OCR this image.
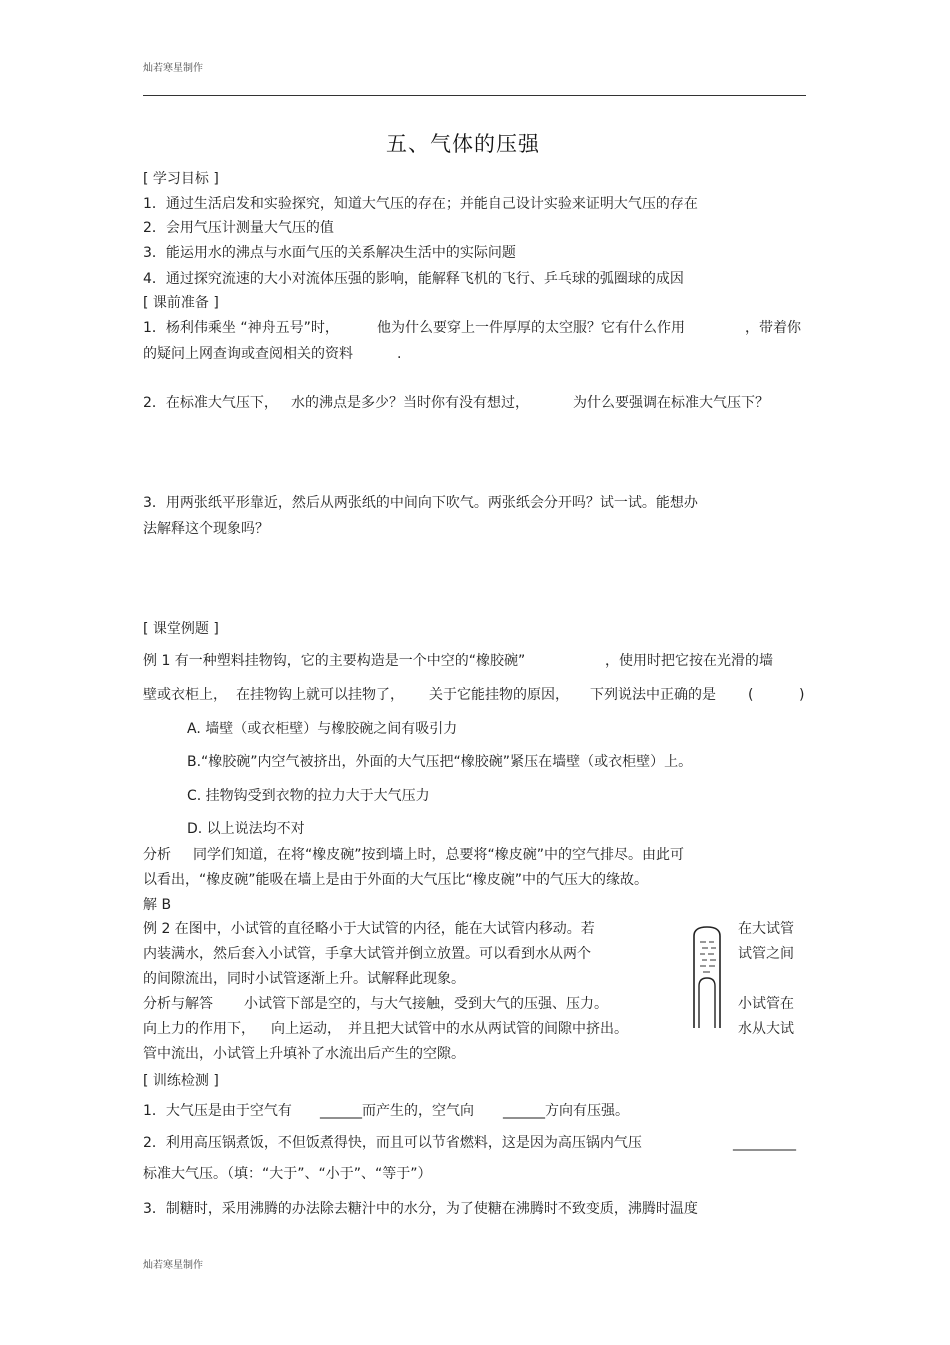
灿若寒星制作
五、气体的压强
[ 学习目标 ]
1．通过生活启发和实验探究，知道大气压的存在；并能自己设计实验来证明大气压的存在
2．会用气压计测量大气压的值
3．能运用水的沸点与水面气压的关系解决生活中的实际问题
4．通过探究流速的大小对流体压强的影响，能解释飞机的飞行、乒乓球的弧圈球的成因
[ 课前准备 ]
1．杨利伟乘坐 “神舟五号”时，	他为什么要穿上一件厚厚的太空服？它有什么作用	，带着你
的疑问上网查询或查阅相关的资料	.
2．在标准大气压下， 水的沸点是多少？当时你有没有想过，	为什么要强调在标准大气压下？
3．用两张纸平形靠近，然后从两张纸的中间向下吹气。两张纸会分开吗？试一试。能想办
法解释这个现象吗？
[ 课堂例题 ]
例 1 有一种塑料挂物钩，它的主要构造是一个中空的“橡胶碗”	，使用时把它按在光滑的墙
壁或衣柜上， 在挂物钩上就可以挂物了， 关于它能挂物的原因， 下列说法中正确的是 (	)
A. 墙壁（或衣柜壁）与橡胶碗之间有吸引力
B.“橡胶碗”内空气被挤出，外面的大气压把“橡胶碗”紧压在墙壁（或衣柜壁）上。
C. 挂物钩受到衣物的拉力大于大气压力
D. 以上说法均不对
分析 同学们知道，在将“橡皮碗”按到墙上时，总要将“橡皮碗”中的空气排尽。由此可
以看出，“橡皮碗”能吸在墙上是由于外面的大气压比“橡皮碗”中的气压大的缘故。
解 B
例 2 在图中，小试管的直径略小于大试管的内径，能在大试管内移动。若	在大试管
内装满水，然后套入小试管，手拿大试管并倒立放置。可以看到水从两个	试管之间
的间隙流出，同时小试管逐渐上升。试解释此现象。
分析与解答 小试管下部是空的，与大气接触，受到大气的压强、压力。	小试管在
向上力的作用下， 向上运动， 并且把大试管中的水从两试管的间隙中挤出。	水从大试
管中流出，小试管上升填补了水流出后产生的空隙。
[ 训练检测 ]
1．大气压是由于空气有 ______而产生的，空气向 ______方向有压强。
2．利用高压锅煮饭，不但饭煮得快，而且可以节省燃料，这是因为高压锅内气压	_________
标准大气压。（填：“大于”、“小于”、“等于”）
3．制糖时，采用沸腾的办法除去糖汁中的水分，为了使糖在沸腾时不致变质，沸腾时温度
灿若寒星制作
